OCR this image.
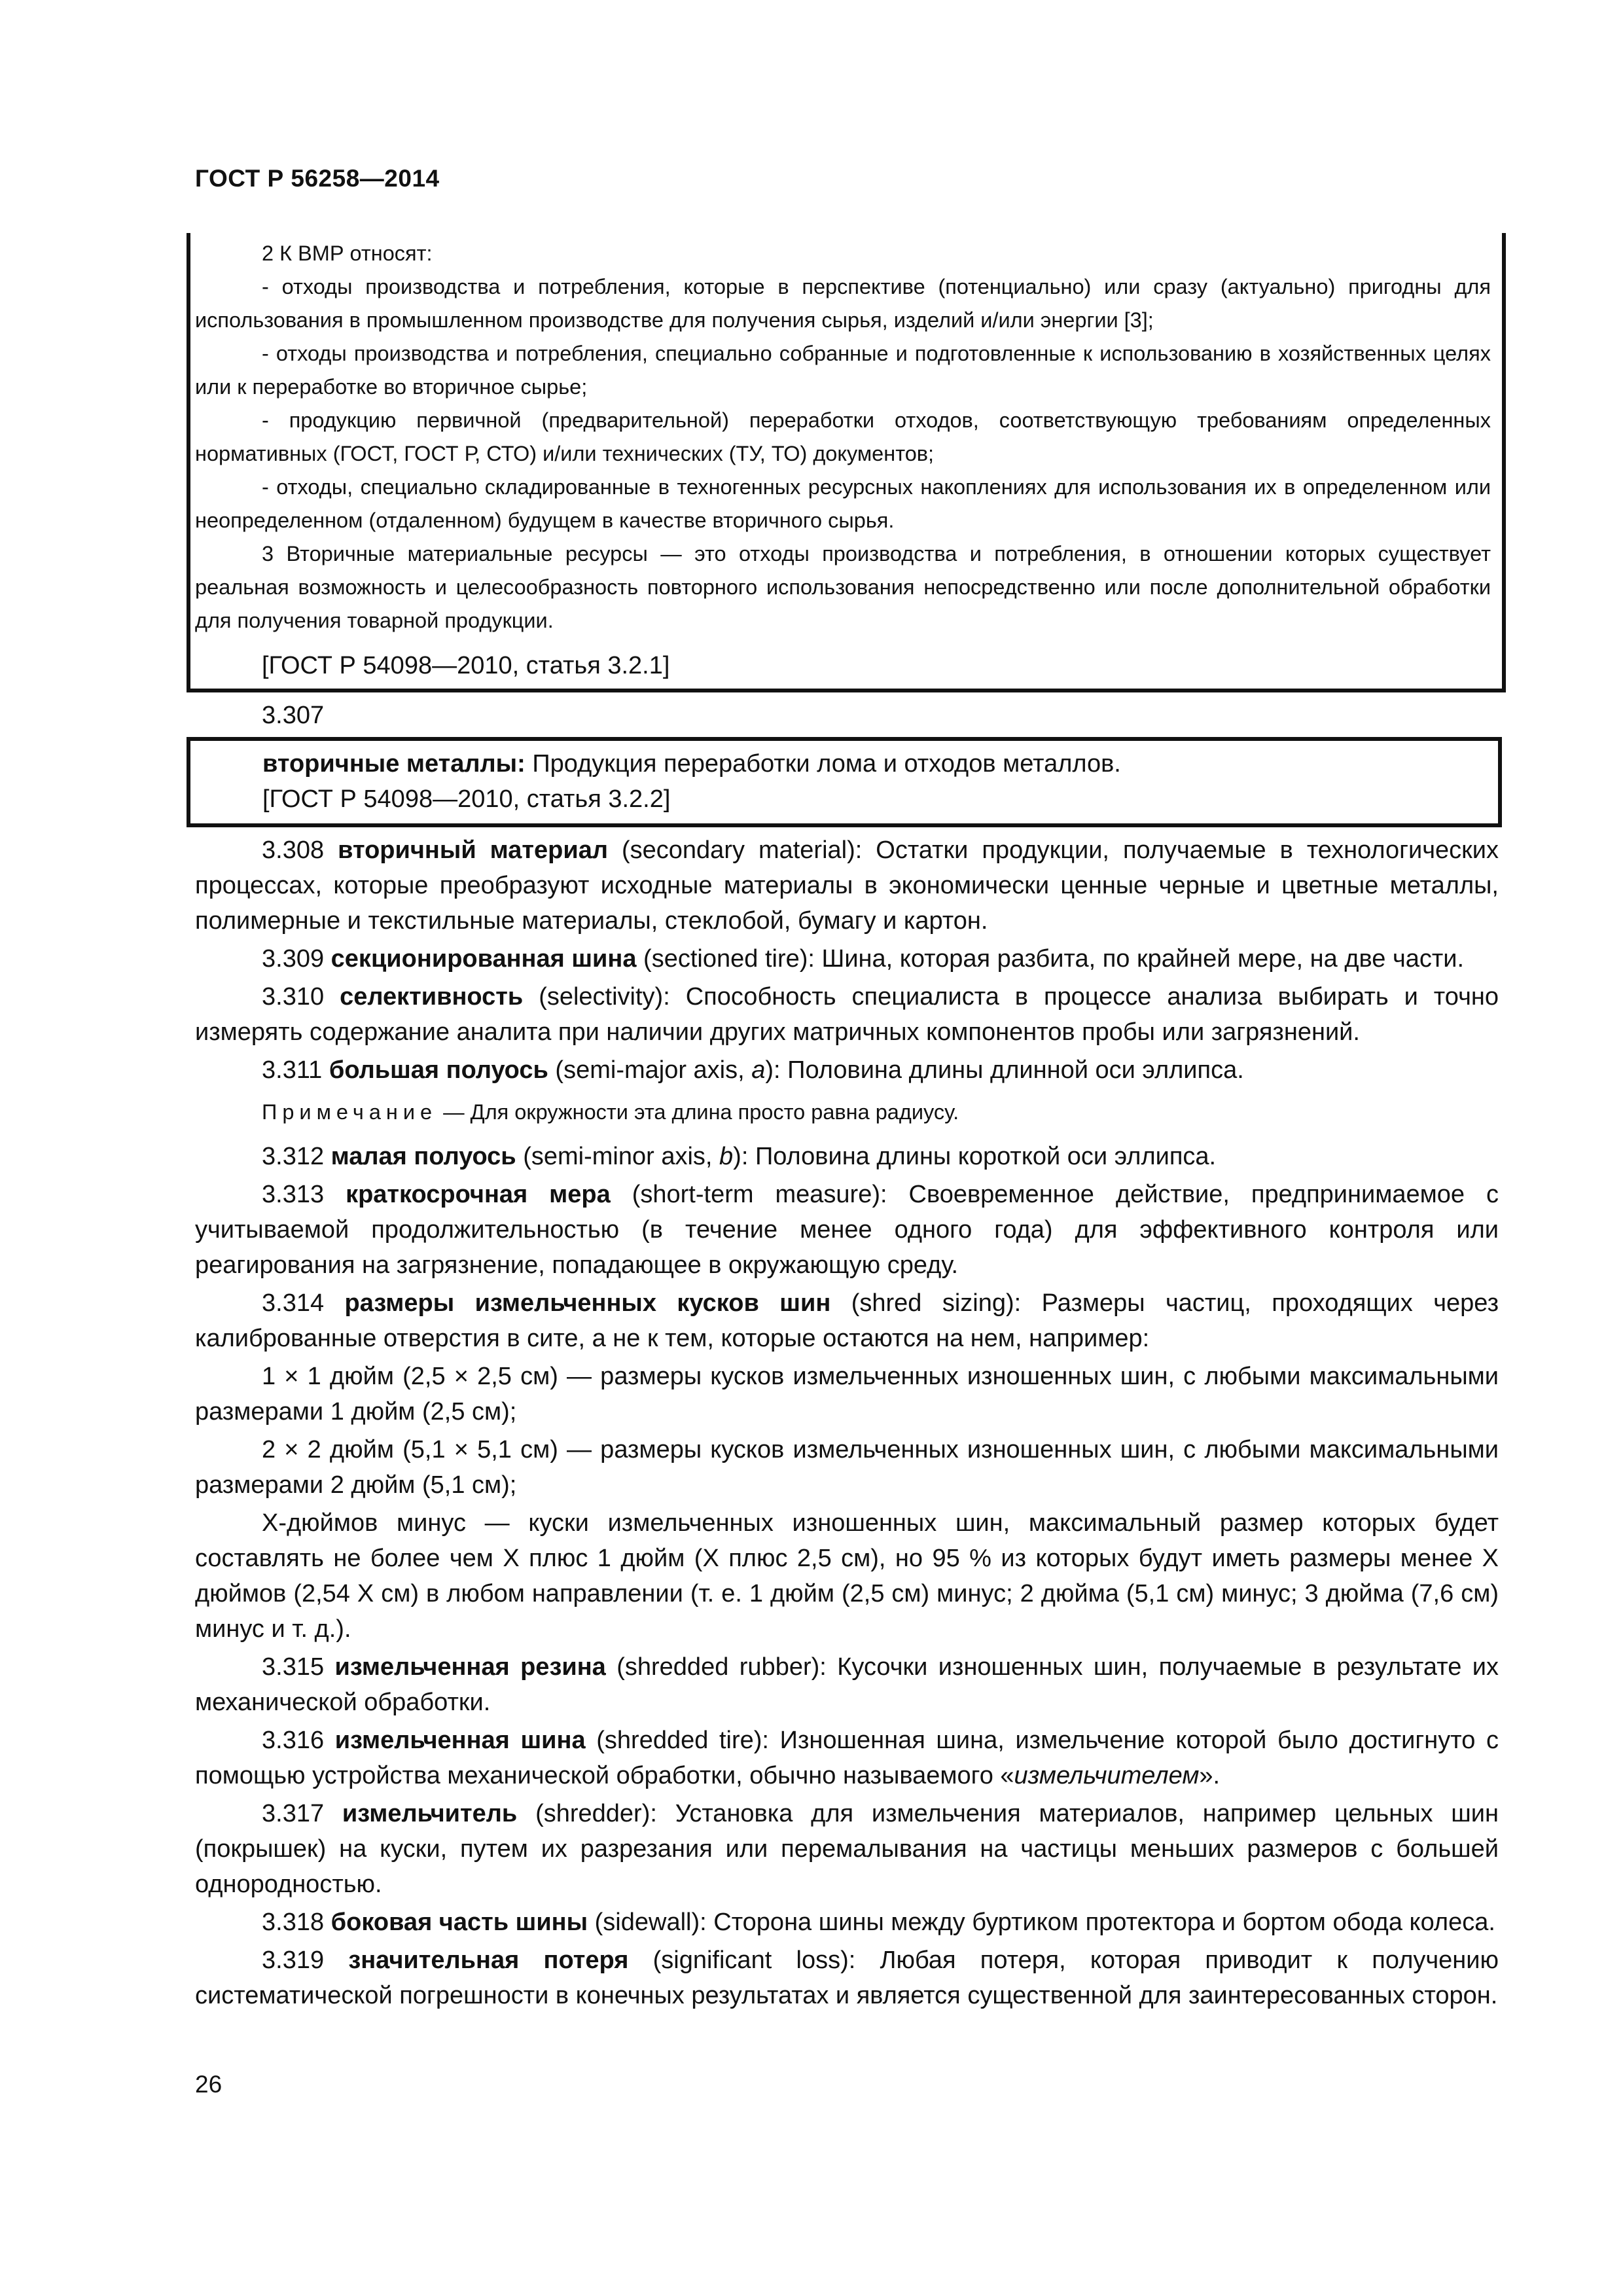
ГОСТ Р 56258—2014

2 К ВМР относят:

- отходы производства и потребления, которые в перспективе (потенциально) или сразу (актуально) пригодны для использования в промышленном производстве для получения сырья, изделий и/или энергии [3];

- отходы производства и потребления, специально собранные и подготовленные к использованию в хозяйственных целях или к переработке во вторичное сырье;

- продукцию первичной (предварительной) переработки отходов, соответствующую требованиям определенных нормативных (ГОСТ, ГОСТ Р, СТО) и/или технических (ТУ, ТО) документов;

- отходы, специально складированные в техногенных ресурсных накоплениях для использования их в определенном или неопределенном (отдаленном) будущем в качестве вторичного сырья.

3 Вторичные материальные ресурсы — это отходы производства и потребления, в отношении которых существует реальная возможность и целесообразность повторного использования непосредственно или после дополнительной обработки для получения товарной продукции.

[ГОСТ Р 54098—2010, статья 3.2.1]
3.307
вторичные металлы: Продукция переработки лома и отходов металлов.
[ГОСТ Р 54098—2010, статья 3.2.2]

3.308 вторичный материал (secondary material): Остатки продукции, получаемые в технологических процессах, которые преобразуют исходные материалы в экономически ценные черные и цветные металлы, полимерные и текстильные материалы, стеклобой, бумагу и картон.

3.309 секционированная шина (sectioned tire): Шина, которая разбита, по крайней мере, на две части.

3.310 селективность (selectivity): Способность специалиста в процессе анализа выбирать и точно измерять содержание аналита при наличии других матричных компонентов пробы или загрязнений.

3.311 большая полуось (semi-major axis, a): Половина длины длинной оси эллипса.

Примечание — Для окружности эта длина просто равна радиусу.

3.312 малая полуось (semi-minor axis, b): Половина длины короткой оси эллипса.

3.313 краткосрочная мера (short-term measure): Своевременное действие, предпринимаемое с учитываемой продолжительностью (в течение менее одного года) для эффективного контроля или реагирования на загрязнение, попадающее в окружающую среду.

3.314 размеры измельченных кусков шин (shred sizing): Размеры частиц, проходящих через калиброванные отверстия в сите, а не к тем, которые остаются на нем, например:

1 × 1 дюйм (2,5 × 2,5 см) — размеры кусков измельченных изношенных шин, с любыми максимальными размерами 1 дюйм (2,5 см);

2 × 2 дюйм (5,1 × 5,1 см) — размеры кусков измельченных изношенных шин, с любыми максимальными размерами 2 дюйм (5,1 см);

Х-дюймов минус — куски измельченных изношенных шин, максимальный размер которых будет составлять не более чем Х плюс 1 дюйм (Х плюс 2,5 см), но 95 % из которых будут иметь размеры менее Х дюймов (2,54 Х см) в любом направлении (т. е. 1 дюйм (2,5 см) минус; 2 дюйма (5,1 см) минус; 3 дюйма (7,6 см) минус и т. д.).

3.315 измельченная резина (shredded rubber): Кусочки изношенных шин, получаемые в результате их механической обработки.

3.316 измельченная шина (shredded tire): Изношенная шина, измельчение которой было достигнуто с помощью устройства механической обработки, обычно называемого «измельчителем».

3.317 измельчитель (shredder): Установка для измельчения материалов, например цельных шин (покрышек) на куски, путем их разрезания или перемалывания на частицы меньших размеров с большей однородностью.

3.318 боковая часть шины (sidewall): Сторона шины между буртиком протектора и бортом обода колеса.

3.319 значительная потеря (significant loss): Любая потеря, которая приводит к получению систематической погрешности в конечных результатах и является существенной для заинтересованных сторон.

26
